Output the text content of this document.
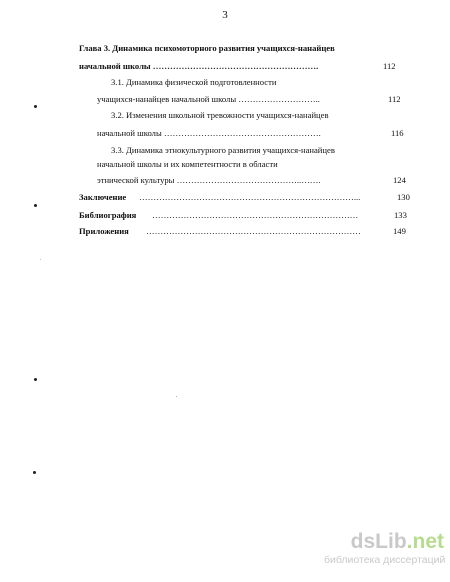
3
Глава 3. Динамика психомоторного развития учащихся-нанайцев
начальной школы ………………………………………………….	112
3.1. Динамика физической подготовленности
учащихся-нанайцев начальной школы ………………………..	112
3.2. Изменения школьной тревожности учащихся-нанайцев
начальной школы ……………………………………………….	116
3.3. Динамика этнокультурного развития учащихся-нанайцев
начальной школы и их компетентности в области
этнической культуры ……………………………………..…….	124
Заключение …………………………………………………………………...	130
Библиография ………………………………………………………………	133
Приложения …………………………………………………………………	149
dsLib.net
библиотека диссертаций
